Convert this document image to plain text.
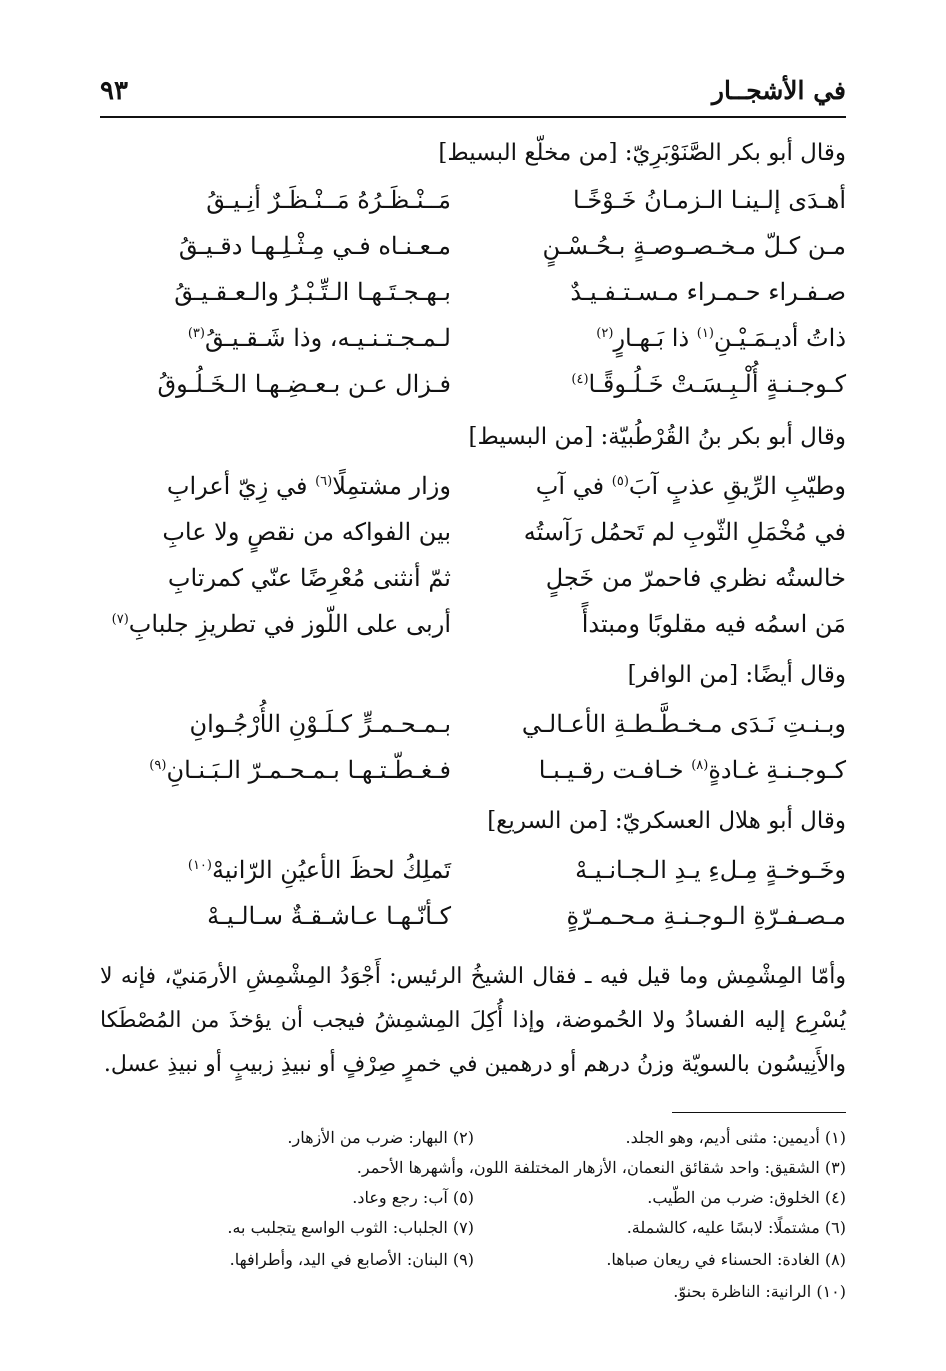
في الأشجــار
٩٣
وقال أبو بكر الصَّنَوْبَرِيّ: [من مخلّع البسيط]
أهـدَى إلـينـا الـزمـانُ خَـوْخًـا
مَــنْـظَـرُهُ مَــنْـظَـرٌ أنِـيـقُ
مـن كـلّ مـخـصـوصـةٍ بـحُـسْـنٍ
مـعـنـاه فـي مِـثْـلِـهـا دقـيـقُ
صـفـراء حـمـراء مـسـتـفـيـدٌ
بـهـجـتَـهـا الـتِّـبْـرُ والـعـقـيـقُ
ذاتُ أديـمَـيْـنِ$^{(١)}$ ذا بَـهـارٍ$^{(٢)}$
لـمـجـتـنـيـه، وذا شَـقـيـقُ$^{(٣)}$
كـوجـنـةٍ أُلْـبِـسَـتْ خَـلُـوقًـا$^{(٤)}$
فـزال عـن بـعـضِـهـا الـخَـلُـوقُ
وقال أبو بكر بنُ القُرْطُبيّة: [من البسيط]
وطيّبِ الرِّيقِ عذبٍ آبَ$^{(٥)}$ في آبِ
وزار مشتمِلًا$^{(٦)}$ في زِيّ أعرابِ
في مُخْمَلِ الثّوبِ لم تَحمُل رَآستُه
بين الفواكه من نقصٍ ولا عابِ
خالستُه نظري فاحمرّ من خَجلٍ
ثمّ أنثنى مُعْرِضًا عنّي كمرتابِ
مَن اسمُه فيه مقلوبًا ومبتدأً
أربى على اللّوز في تطريزِ جلبابِ$^{(٧)}$
وقال أيضًا: [من الوافر]
وبـنـتِ نَـدَى مـخـطَّـطـةِ الأعـالـي
بـمـحـمـرٍّ كـلَـوْنِ الأُرْجُـوانِ
كـوجـنـةِ غـادةٍ$^{(٨)}$ خـافـت رقـيـبـا
فـغـطّـتـهـا بـمـحـمـرّ الـبَـنـانِ$^{(٩)}$
وقال أبو هلال العسكريّ: [من السريع]
وخَـوخـةٍ مِـلءِ يـدِ الـجـانـيـهْ
تَملِكُ لحظَ الأعيُنِ الرّانيهْ$^{(١٠)}$
مـصـفـرّةِ الـوجـنـةِ مـحـمـرّةٍ
كـأنّـهـا عـاشـقـةٌ سـالـيـهْ
وأمّا المِشْمِش وما قيل فيه ـ فقال الشيخُ الرئيس: أَجْوَدُ المِشْمِشِ الأرمَنيّ، فإنه لا يُسْرِع إليه الفسادُ ولا الحُموضة، وإذا أُكِلَ المِشمِشُ فيجب أن يؤخذَ من المُصْطَكا والأَنِيسُون بالسويّة وزنُ درهم أو درهمين في خمرٍ صِرْفٍ أو نبيذِ زبيبٍ أو نبيذِ عسل.
(١) أديمين: مثنى أديم، وهو الجلد.
(٢) البهار: ضرب من الأزهار.
(٣) الشقيق: واحد شقائق النعمان، الأزهار المختلفة اللون، وأشهرها الأحمر.
(٤) الخلوق: ضرب من الطّيب.
(٥) آب: رجع وعاد.
(٦) مشتملًا: لابسًا عليه، كالشملة.
(٧) الجلباب: الثوب الواسع يتجلبب به.
(٨) الغادة: الحسناء في ريعان صباها.
(٩) البنان: الأصابع في اليد، وأطرافها.
(١٠) الرانية: الناظرة بحنوّ.
